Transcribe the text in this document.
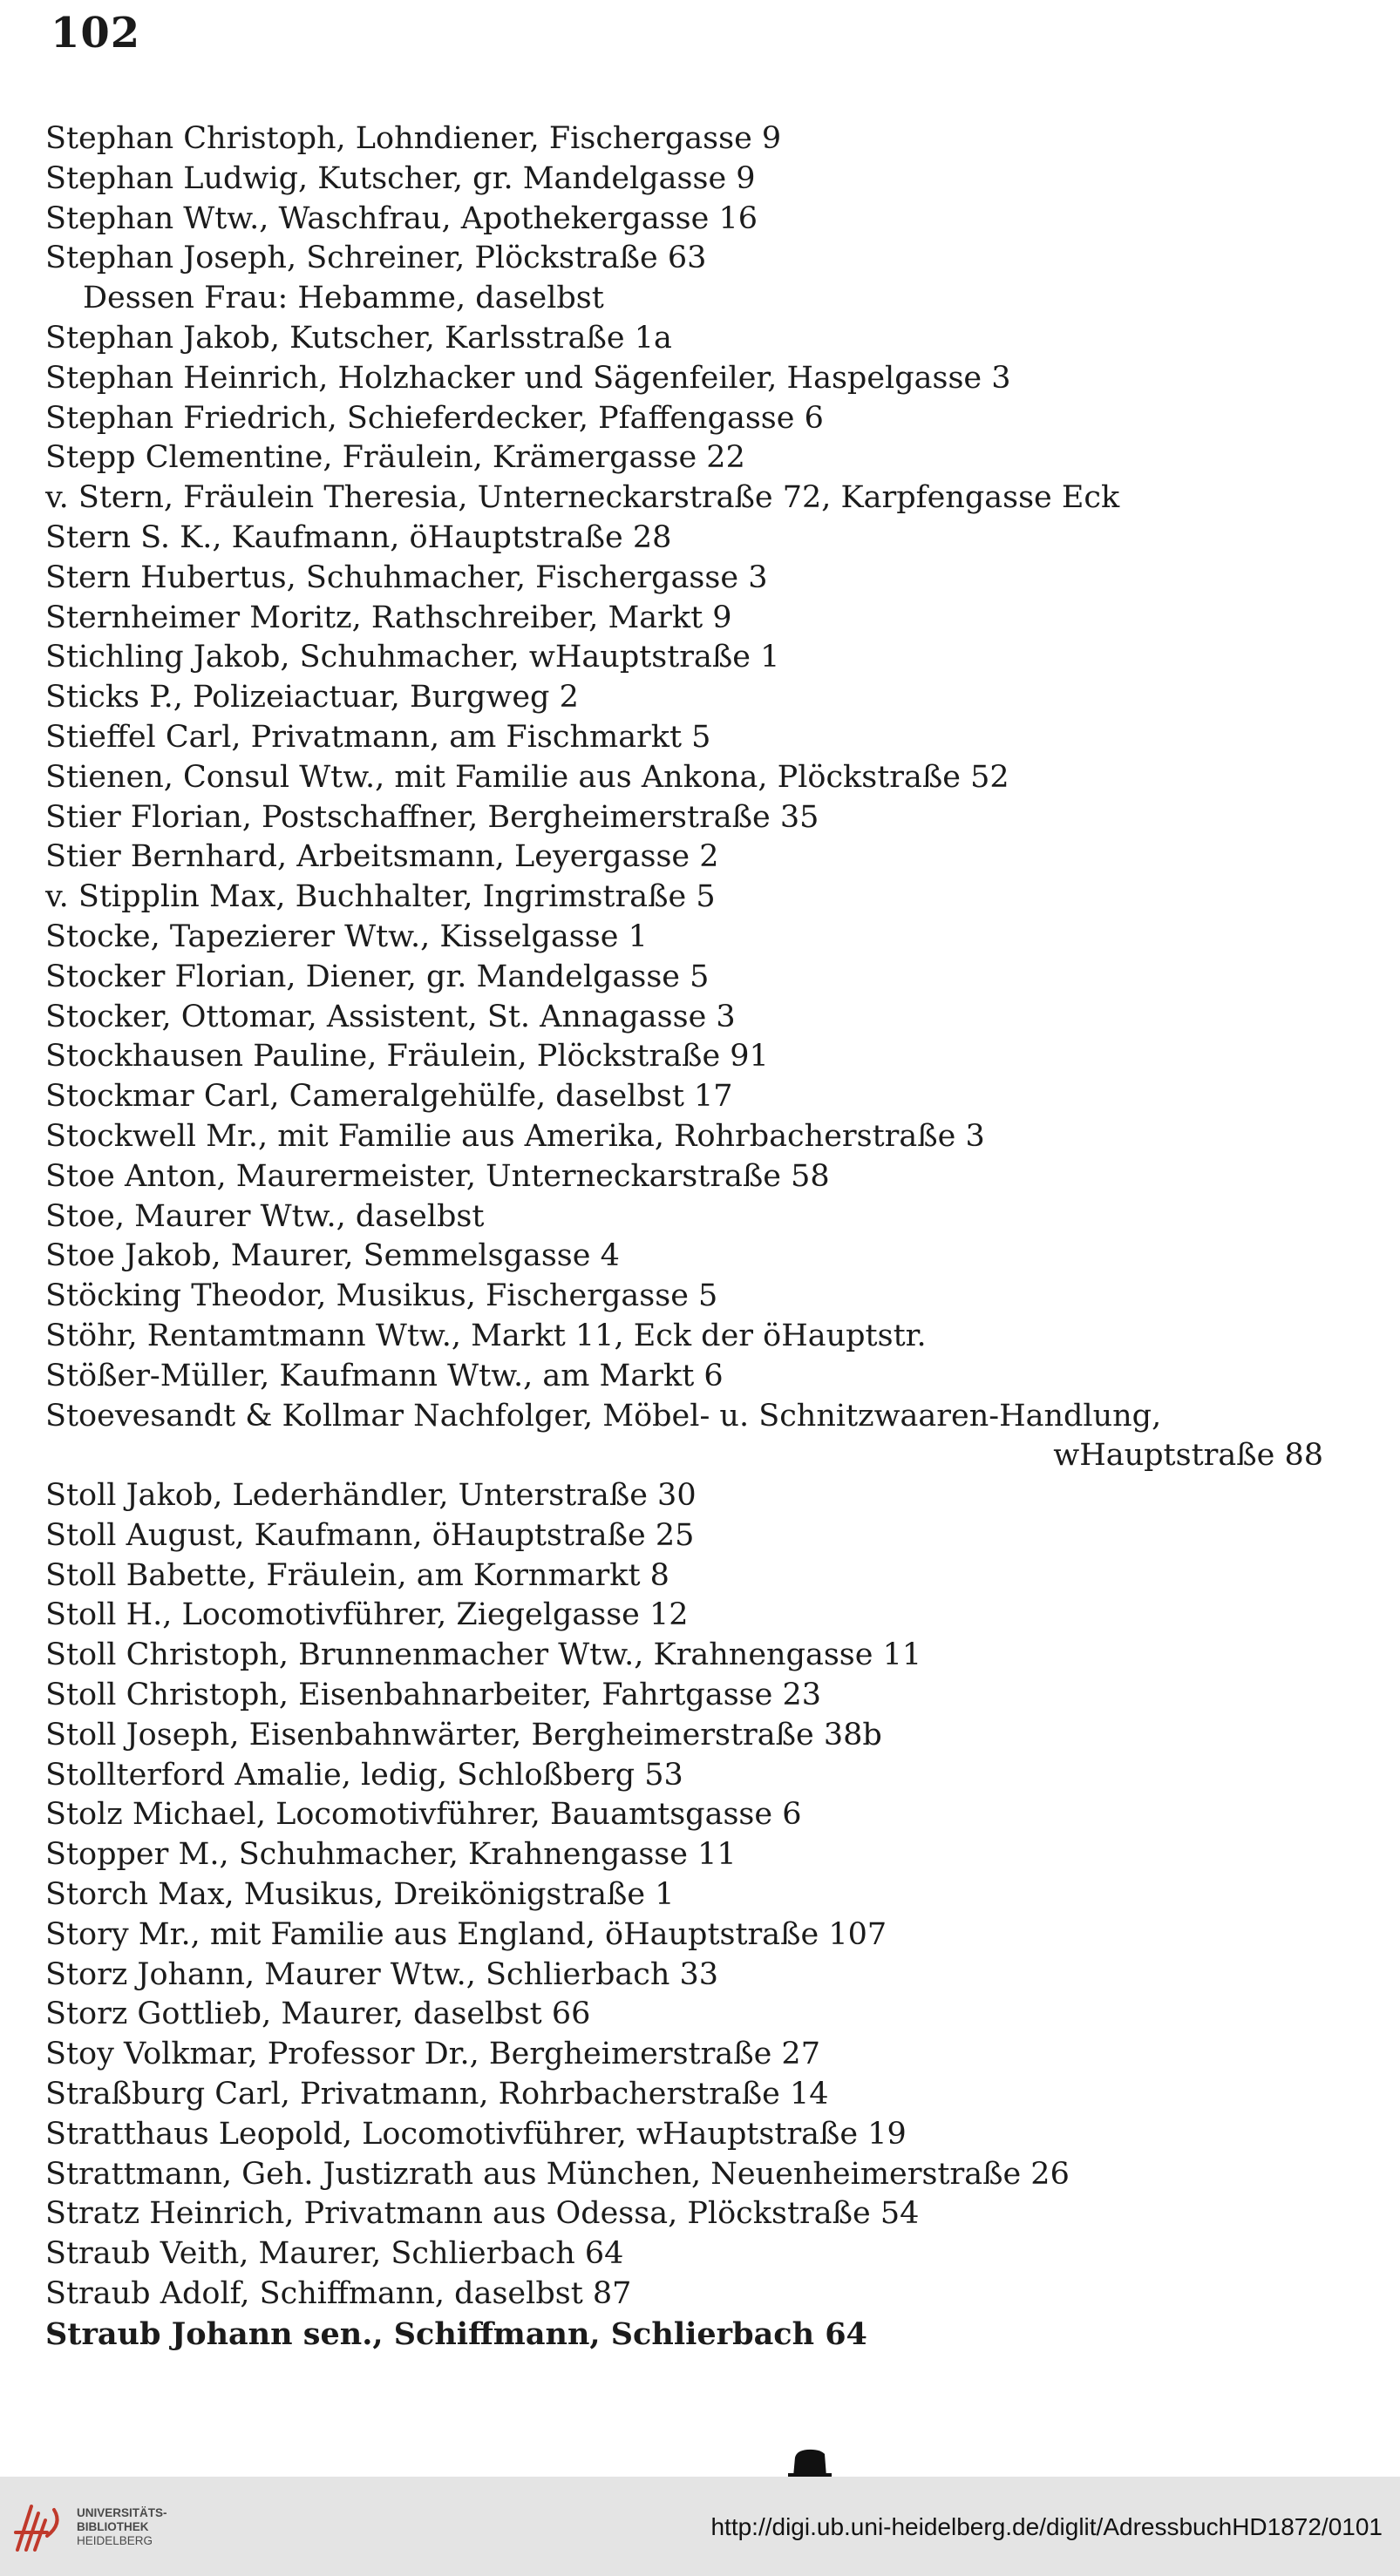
102
Stephan Christoph, Lohndiener, Fischergasse 9
Stephan Ludwig, Kutscher, gr. Mandelgasse 9
Stephan Wtw., Waschfrau, Apothekergasse 16
Stephan Joseph, Schreiner, Plöckstraße 63
Dessen Frau: Hebamme, daselbst
Stephan Jakob, Kutscher, Karlsstraße 1a
Stephan Heinrich, Holzhacker und Sägenfeiler, Haspelgasse 3
Stephan Friedrich, Schieferdecker, Pfaffengasse 6
Stepp Clementine, Fräulein, Krämergasse 22
v. Stern, Fräulein Theresia, Unterneckarstraße 72, Karpfengasse Eck
Stern S. K., Kaufmann, öHauptstraße 28
Stern Hubertus, Schuhmacher, Fischergasse 3
Sternheimer Moritz, Rathschreiber, Markt 9
Stichling Jakob, Schuhmacher, wHauptstraße 1
Sticks P., Polizeiactuar, Burgweg 2
Stieffel Carl, Privatmann, am Fischmarkt 5
Stienen, Consul Wtw., mit Familie aus Ankona, Plöckstraße 52
Stier Florian, Postschaffner, Bergheimerstraße 35
Stier Bernhard, Arbeitsmann, Leyergasse 2
v. Stipplin Max, Buchhalter, Ingrimstraße 5
Stocke, Tapezierer Wtw., Kisselgasse 1
Stocker Florian, Diener, gr. Mandelgasse 5
Stocker, Ottomar, Assistent, St. Annagasse 3
Stockhausen Pauline, Fräulein, Plöckstraße 91
Stockmar Carl, Cameralgehülfe, daselbst 17
Stockwell Mr., mit Familie aus Amerika, Rohrbacherstraße 3
Stoe Anton, Maurermeister, Unterneckarstraße 58
Stoe, Maurer Wtw., daselbst
Stoe Jakob, Maurer, Semmelsgasse 4
Stöcking Theodor, Musikus, Fischergasse 5
Stöhr, Rentamtmann Wtw., Markt 11, Eck der öHauptstr.
Stößer-Müller, Kaufmann Wtw., am Markt 6
Stoevesandt & Kollmar Nachfolger, Möbel- u. Schnitzwaaren-Handlung,
wHauptstraße 88
Stoll Jakob, Lederhändler, Unterstraße 30
Stoll August, Kaufmann, öHauptstraße 25
Stoll Babette, Fräulein, am Kornmarkt 8
Stoll H., Locomotivführer, Ziegelgasse 12
Stoll Christoph, Brunnenmacher Wtw., Krahnengasse 11
Stoll Christoph, Eisenbahnarbeiter, Fahrtgasse 23
Stoll Joseph, Eisenbahnwärter, Bergheimerstraße 38b
Stollterford Amalie, ledig, Schloßberg 53
Stolz Michael, Locomotivführer, Bauamtsgasse 6
Stopper M., Schuhmacher, Krahnengasse 11
Storch Max, Musikus, Dreikönigstraße 1
Story Mr., mit Familie aus England, öHauptstraße 107
Storz Johann, Maurer Wtw., Schlierbach 33
Storz Gottlieb, Maurer, daselbst 66
Stoy Volkmar, Professor Dr., Bergheimerstraße 27
Straßburg Carl, Privatmann, Rohrbacherstraße 14
Stratthaus Leopold, Locomotivführer, wHauptstraße 19
Strattmann, Geh. Justizrath aus München, Neuenheimerstraße 26
Stratz Heinrich, Privatmann aus Odessa, Plöckstraße 54
Straub Veith, Maurer, Schlierbach 64
Straub Adolf, Schiffmann, daselbst 87
Straub Johann sen., Schiffmann, Schlierbach 64
UNIVERSITÄTS-
BIBLIOTHEK
HEIDELBERG
http://digi.ub.uni-heidelberg.de/diglit/AdressbuchHD1872/0101
